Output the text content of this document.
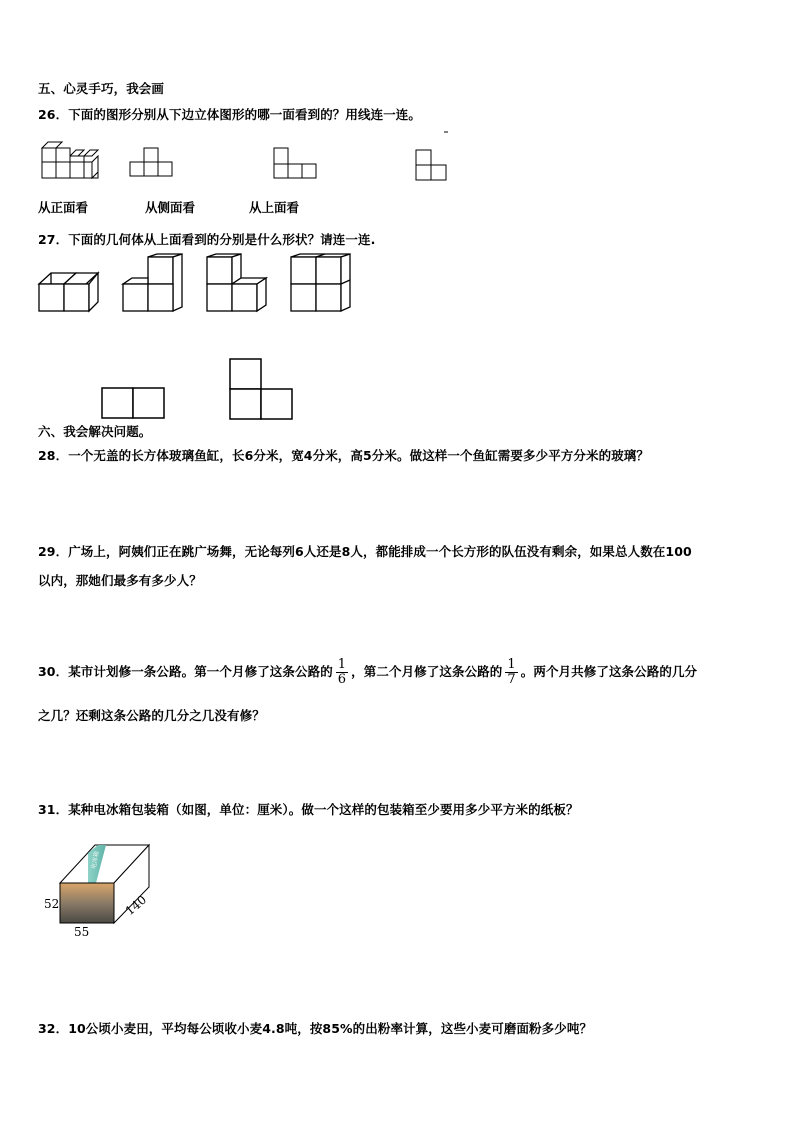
五、心灵手巧，我会画
26．下面的图形分别从下边立体图形的哪一面看到的？用线连一连。
从正面看	从侧面看	从上面看
27．下面的几何体从上面看到的分别是什么形状？请连一连.
六、我会解决问题。
28．一个无盖的长方体玻璃鱼缸，长6分米，宽4分米，高5分米。做这样一个鱼缸需要多少平方分米的玻璃？
29．广场上，阿姨们正在跳广场舞，无论每列6人还是8人，都能排成一个长方形的队伍没有剩余，如果总人数在100
以内，那她们最多有多少人？
30．某市计划修一条公路。第一个月修了这条公路的 $\frac{1}{6}$ ，第二个月修了这条公路的 $\frac{1}{7}$ 。两个月共修了这条公路的几分
之几？还剩这条公路的几分之几没有修？
31．某种电冰箱包装箱（如图，单位：厘米）。做一个这样的包装箱至少要用多少平方米的纸板？
52
55
140
电冰箱
32．10公顷小麦田，平均每公顷收小麦4.8吨，按85%的出粉率计算，这些小麦可磨面粉多少吨？
